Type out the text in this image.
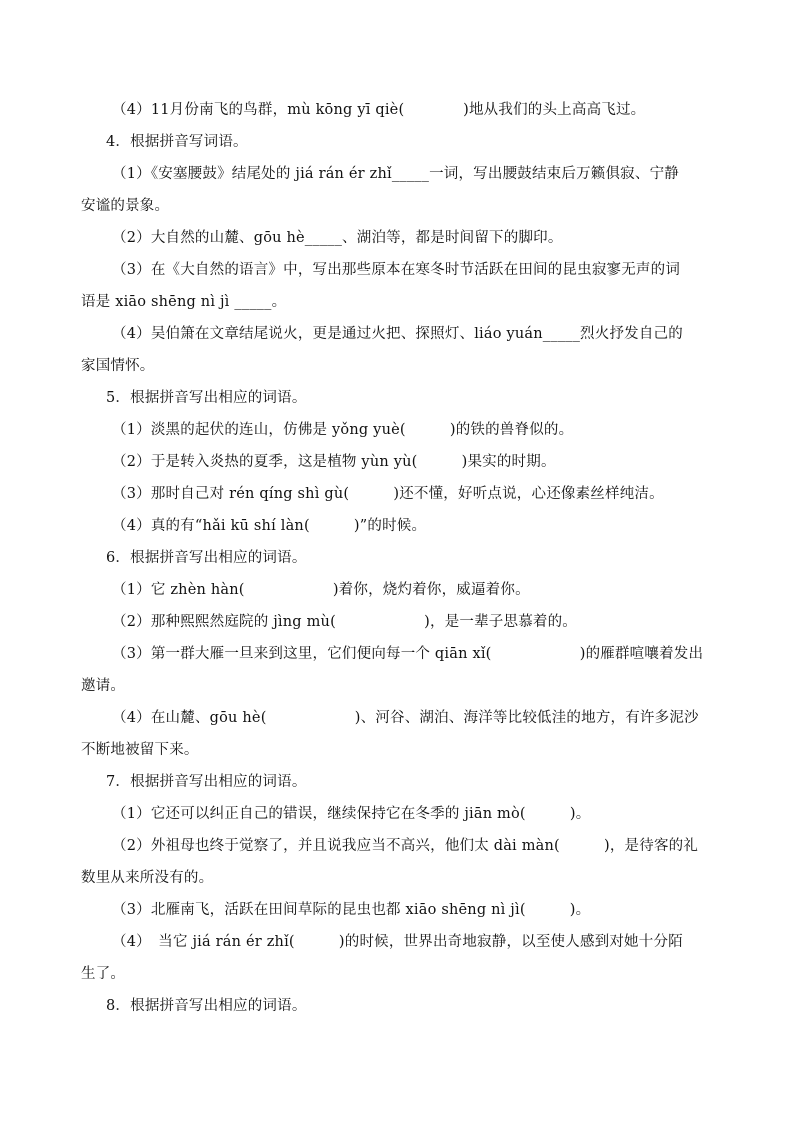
（4）11月份南飞的鸟群，mù kōng yī qiè(　　　　)地从我们的头上高高飞过。
4．根据拼音写词语。
（1）《安塞腰鼓》结尾处的 jiá rán ér zhǐ_____一词，写出腰鼓结束后万籁俱寂、宁静
安谧的景象。
（2）大自然的山麓、gōu hè_____、湖泊等，都是时间留下的脚印。
（3）在《大自然的语言》中，写出那些原本在寒冬时节活跃在田间的昆虫寂寥无声的词
语是 xiāo shēng nì jì _____。
（4）吴伯箫在文章结尾说火，更是通过火把、探照灯、liáo yuán_____烈火抒发自己的
家国情怀。
5．根据拼音写出相应的词语。
（1）淡黑的起伏的连山，仿佛是 yǒng yuè(　　　)的铁的兽脊似的。
（2）于是转入炎热的夏季，这是植物 yùn yù(　　　)果实的时期。
（3）那时自己对 rén qíng shì gù(　　　)还不懂，好听点说，心还像素丝样纯洁。
（4）真的有“hǎi kū shí làn(　　　)”的时候。
6．根据拼音写出相应的词语。
（1）它 zhèn hàn(　　　　　　)着你，烧灼着你，威逼着你。
（2）那种熙熙然庭院的 jìng mù(　　　　　　)，是一辈子思慕着的。
（3）第一群大雁一旦来到这里，它们便向每一个 qiān xǐ(　　　　　　)的雁群喧嚷着发出
邀请。
（4）在山麓、gōu hè(　　　　　　)、河谷、湖泊、海洋等比较低洼的地方，有许多泥沙
不断地被留下来。
7．根据拼音写出相应的词语。
（1）它还可以纠正自己的错误，继续保持它在冬季的 jiān mò(　　　)。
（2）外祖母也终于觉察了，并且说我应当不高兴，他们太 dài màn(　　　)，是待客的礼
数里从来所没有的。
（3）北雁南飞，活跃在田间草际的昆虫也都 xiāo shēng nì jì(　　　)。
（4）　当它 jiá rán ér zhǐ(　　　)的时候，世界出奇地寂静，以至使人感到对她十分陌
生了。
8．根据拼音写出相应的词语。
